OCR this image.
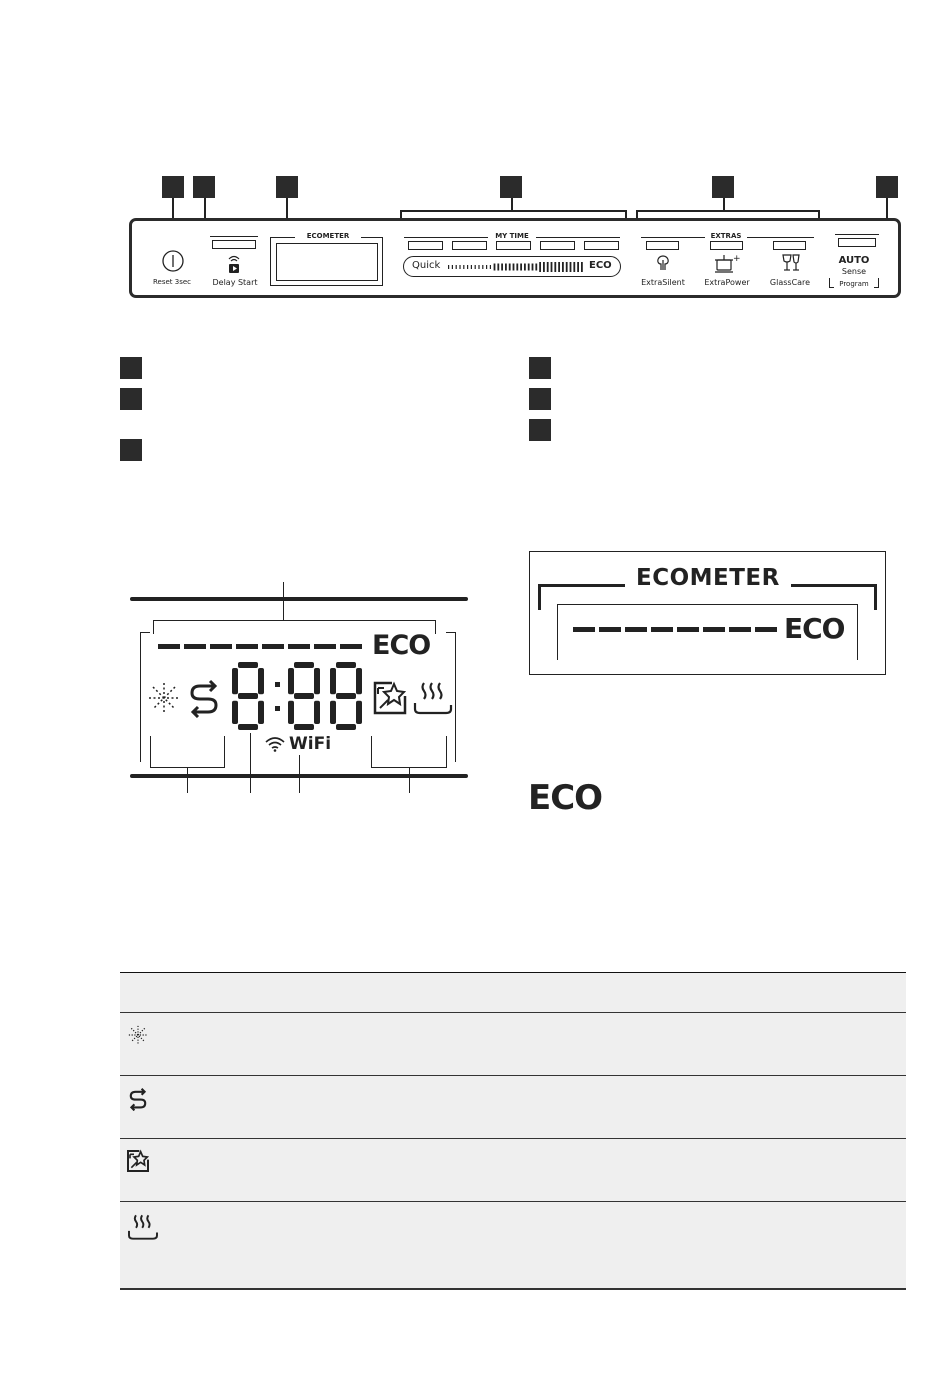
Reset 3sec	Delay Start
ECOMETER	MY TIME
Quick	ECO
EXTRAS
ExtraSilent
+
ExtraPower	GlassCare
AUTO
Sense
Program
ECO
WiFi
ECOMETER
ECO
ECO
